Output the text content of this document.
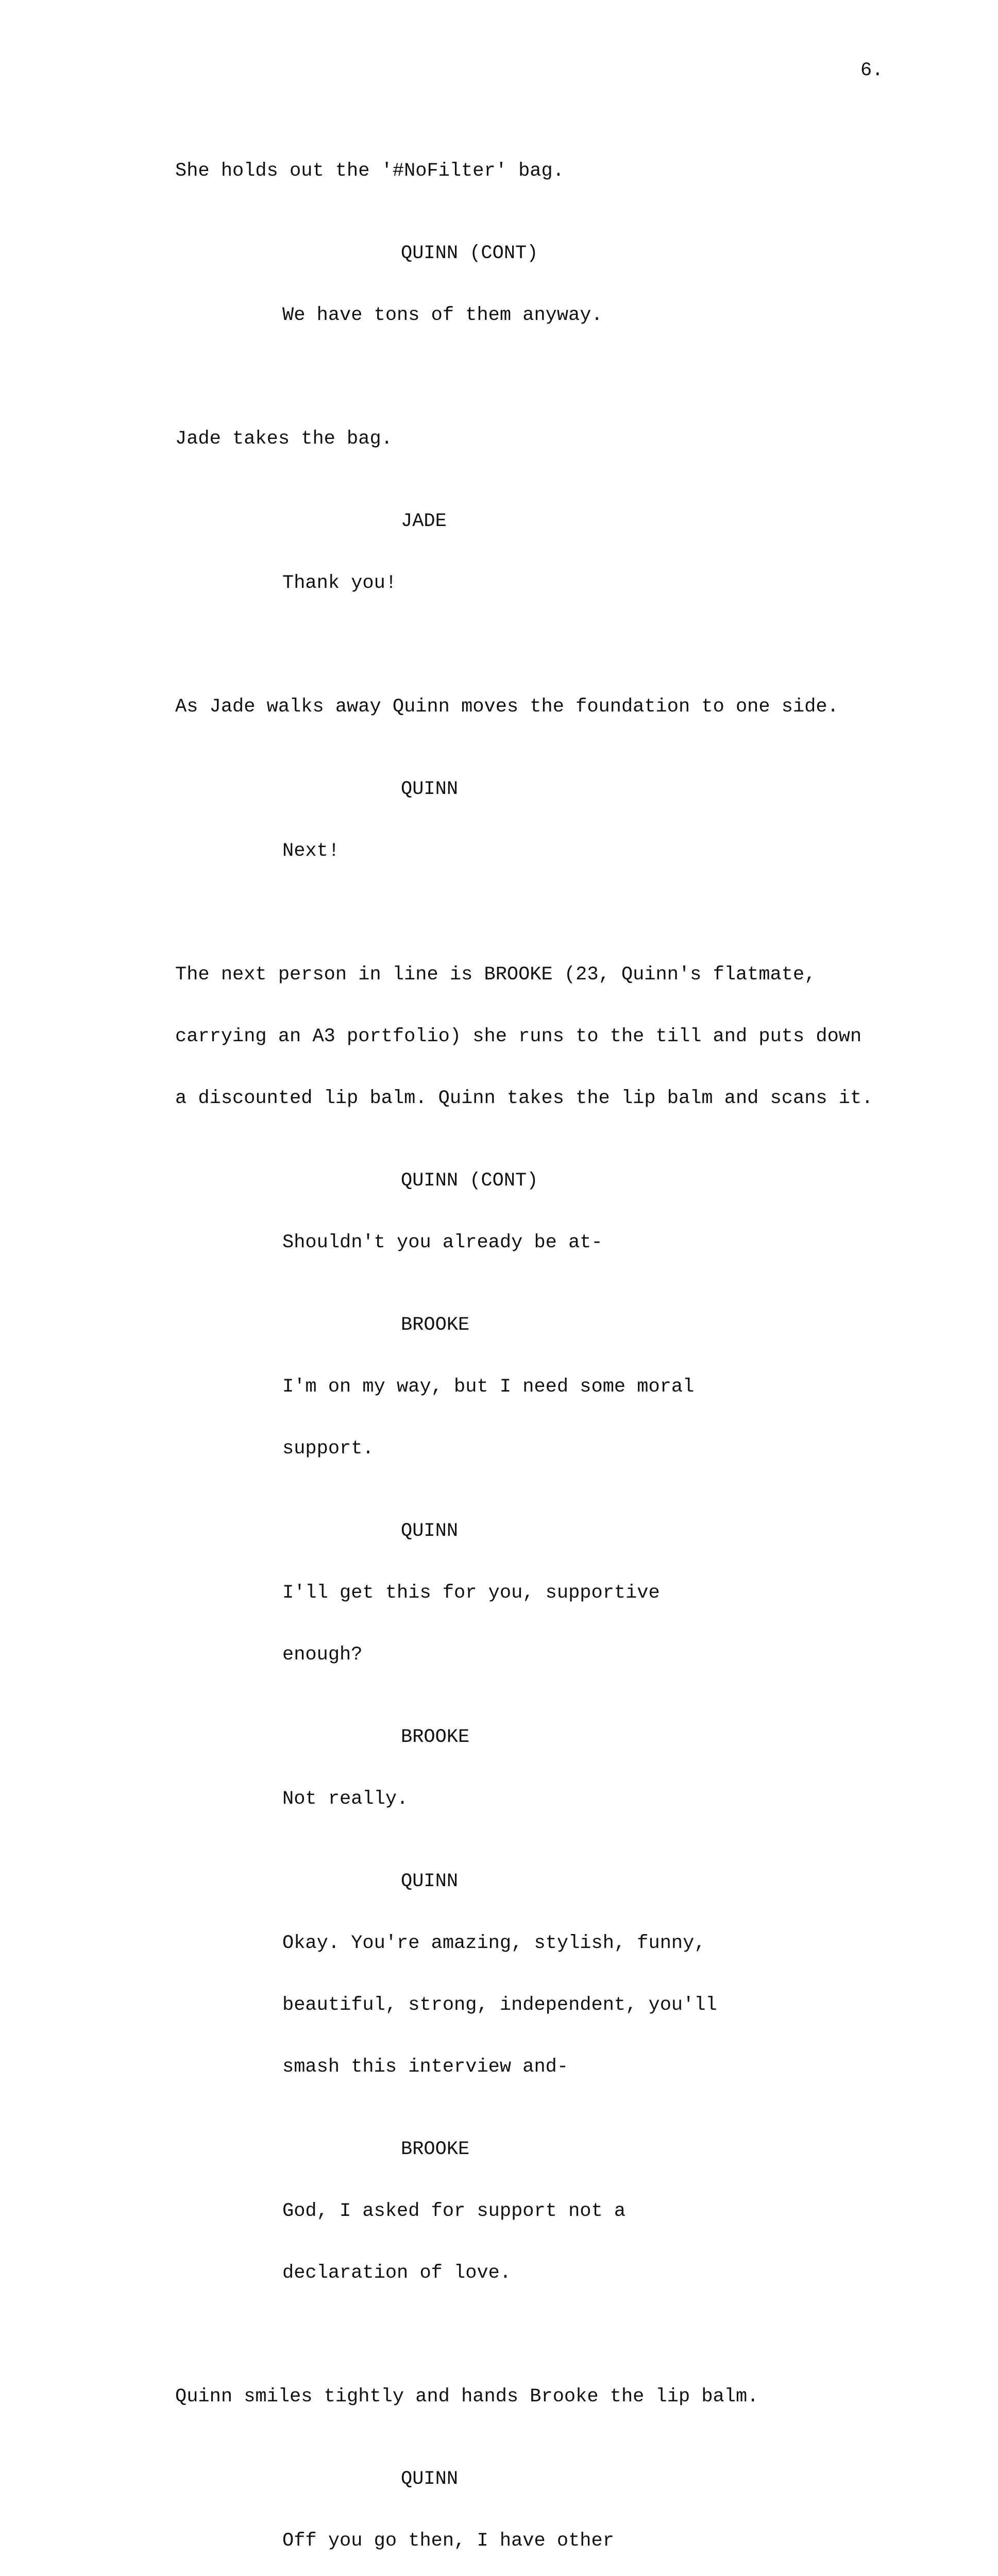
6.

She holds out the '#NoFilter' bag.

QUINN (CONT)

We have tons of them anyway.

Jade takes the bag.

JADE

Thank you!

As Jade walks away Quinn moves the foundation to one side.

QUINN

Next!

The next person in line is BROOKE (23, Quinn's flatmate,

carrying an A3 portfolio) she runs to the till and puts down

a discounted lip balm. Quinn takes the lip balm and scans it.

QUINN (CONT)

Shouldn't you already be at-

BROOKE

I'm on my way, but I need some moral

support.

QUINN

I'll get this for you, supportive

enough?

BROOKE

Not really.

QUINN

Okay. You're amazing, stylish, funny,

beautiful, strong, independent, you'll

smash this interview and-

BROOKE

God, I asked for support not a

declaration of love.

Quinn smiles tightly and hands Brooke the lip balm.

QUINN

Off you go then, I have other
